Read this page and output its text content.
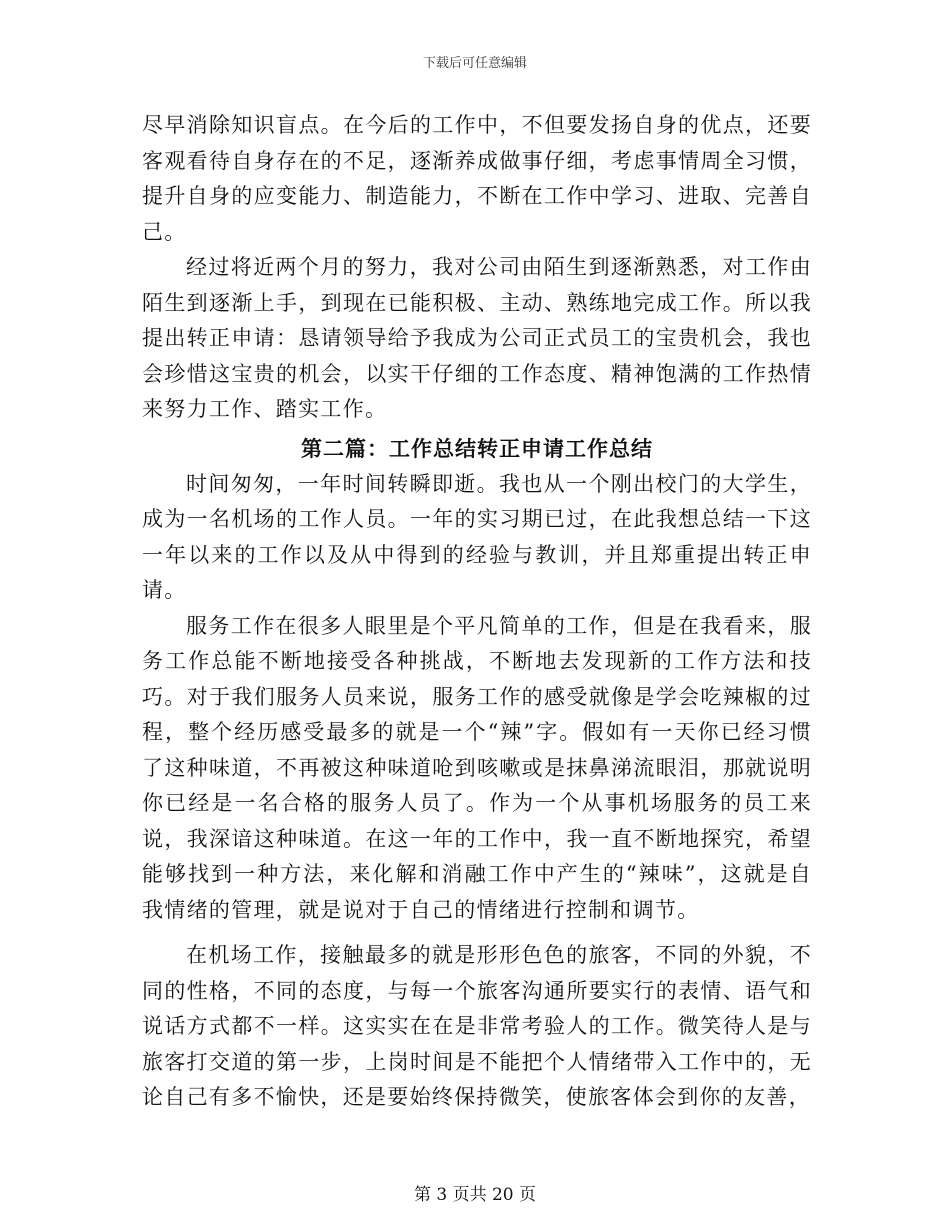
下载后可任意编辑

尽早消除知识盲点。在今后的工作中，不但要发扬自身的优点，还要客观看待自身存在的不足，逐渐养成做事仔细，考虑事情周全习惯，提升自身的应变能力、制造能力，不断在工作中学习、进取、完善自己。

经过将近两个月的努力，我对公司由陌生到逐渐熟悉，对工作由陌生到逐渐上手，到现在已能积极、主动、熟练地完成工作。所以我提出转正申请：恳请领导给予我成为公司正式员工的宝贵机会，我也会珍惜这宝贵的机会，以实干仔细的工作态度、精神饱满的工作热情来努力工作、踏实工作。

第二篇：工作总结转正申请工作总结

时间匆匆，一年时间转瞬即逝。我也从一个刚出校门的大学生，成为一名机场的工作人员。一年的实习期已过，在此我想总结一下这一年以来的工作以及从中得到的经验与教训，并且郑重提出转正申请。

服务工作在很多人眼里是个平凡简单的工作，但是在我看来，服务工作总能不断地接受各种挑战，不断地去发现新的工作方法和技巧。对于我们服务人员来说，服务工作的感受就像是学会吃辣椒的过程，整个经历感受最多的就是一个“辣”字。假如有一天你已经习惯了这种味道，不再被这种味道呛到咳嗽或是抹鼻涕流眼泪，那就说明你已经是一名合格的服务人员了。作为一个从事机场服务的员工来说，我深谙这种味道。在这一年的工作中，我一直不断地探究，希望能够找到一种方法，来化解和消融工作中产生的“辣味”，这就是自我情绪的管理，就是说对于自己的情绪进行控制和调节。

在机场工作，接触最多的就是形形色色的旅客，不同的外貌，不同的性格，不同的态度，与每一个旅客沟通所要实行的表情、语气和说话方式都不一样。这实实在在是非常考验人的工作。微笑待人是与旅客打交道的第一步，上岗时间是不能把个人情绪带入工作中的，无论自己有多不愉快，还是要始终保持微笑，使旅客体会到你的友善，

第 3 页共 20 页
